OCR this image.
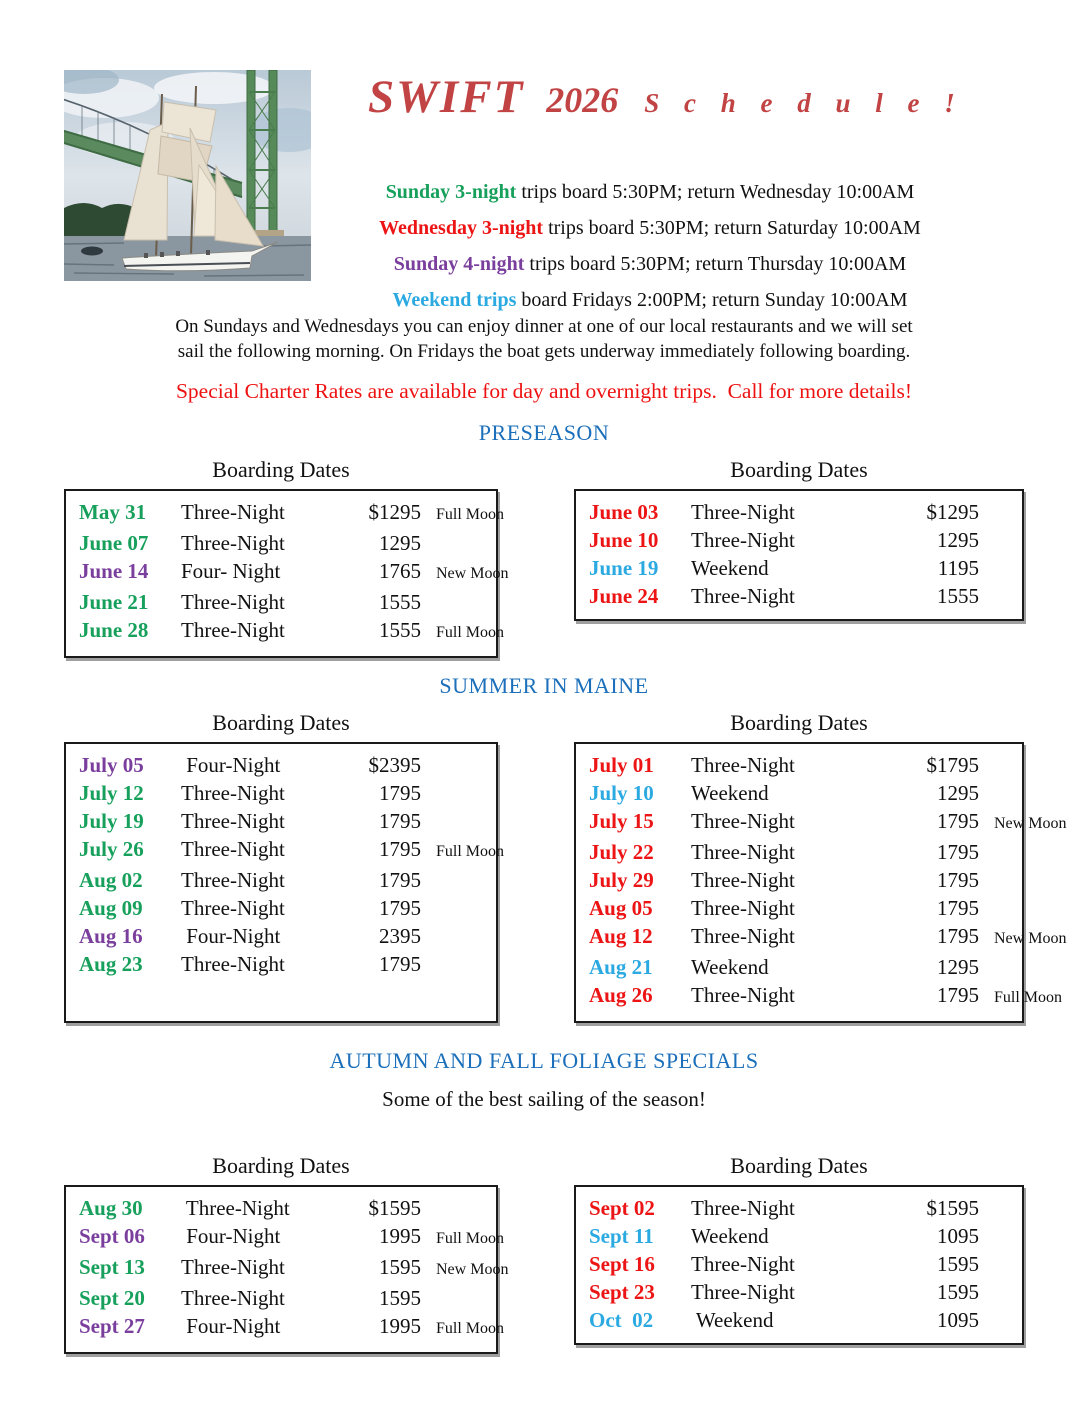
SWIFT 2026 S c h e d u l e !
Sunday 3-night trips board 5:30PM; return Wednesday 10:00AM
Wednesday 3-night trips board 5:30PM; return Saturday 10:00AM
Sunday 4-night trips board 5:30PM; return Thursday 10:00AM
Weekend trips board Fridays 2:00PM; return Sunday 10:00AM
On Sundays and Wednesdays you can enjoy dinner at one of our local restaurants and we will set
sail the following morning. On Fridays the boat gets underway immediately following boarding.
Special Charter Rates are available for day and overnight trips.  Call for more details!
PRESEASON
Boarding Dates
May 31	Three-Night	$1295 Full Moon
June 07	Three-Night	1295
June 14	Four- Night	1765 New Moon
June 21	Three-Night	1555
June 28	Three-Night	1555 Full Moon
Boarding Dates
June 03	Three-Night	$1295
June 10	Three-Night	1295
June 19	Weekend	1195
June 24	Three-Night	1555
SUMMER IN MAINE
Boarding Dates
July 05	Four-Night	$2395
July 12	Three-Night	1795
July 19	Three-Night	1795
July 26	Three-Night	1795 Full Moon
Aug 02	Three-Night	1795
Aug 09	Three-Night	1795
Aug 16	Four-Night	2395
Aug 23	Three-Night	1795
Boarding Dates
July 01	Three-Night	$1795
July 10	Weekend	1295
July 15	Three-Night	1795 New Moon
July 22	Three-Night	1795
July 29	Three-Night	1795
Aug 05	Three-Night	1795
Aug 12	Three-Night	1795 New Moon
Aug 21	Weekend	1295
Aug 26	Three-Night	1795 Full Moon
AUTUMN AND FALL FOLIAGE SPECIALS
Some of the best sailing of the season!
Boarding Dates
Aug 30	Three-Night	$1595
Sept 06	Four-Night	1995 Full Moon
Sept 13	Three-Night	1595 New Moon
Sept 20	Three-Night	1595
Sept 27	Four-Night	1995 Full Moon
Boarding Dates
Sept 02	Three-Night	$1595
Sept 11	Weekend	1095
Sept 16	Three-Night	1595
Sept 23	Three-Night	1595
Oct  02	Weekend	1095
